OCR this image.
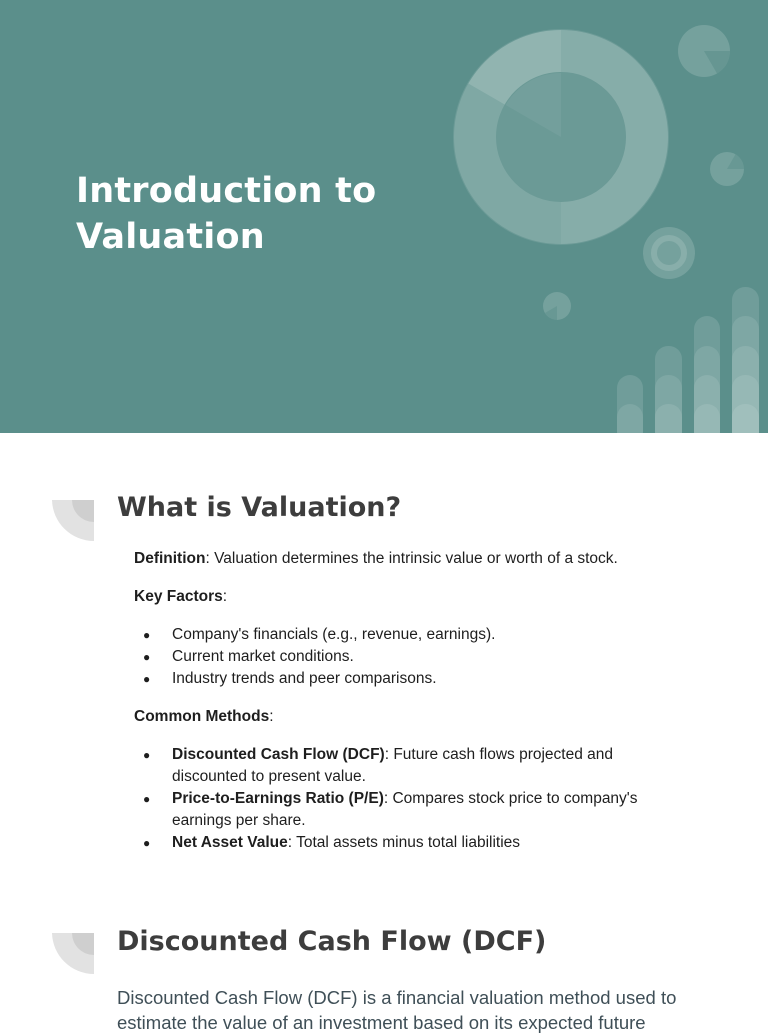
Introduction to
Valuation
What is Valuation?

Definition: Valuation determines the intrinsic value or worth of a stock.

Key Factors:

● Company's financials (e.g., revenue, earnings).
● Current market conditions.
● Industry trends and peer comparisons.

Common Methods:

● Discounted Cash Flow (DCF): Future cash flows projected and discounted to present value.
● Price-to-Earnings Ratio (P/E): Compares stock price to company's earnings per share.
● Net Asset Value: Total assets minus total liabilities
Discounted Cash Flow (DCF)

Discounted Cash Flow (DCF) is a financial valuation method used to estimate the value of an investment based on its expected future
